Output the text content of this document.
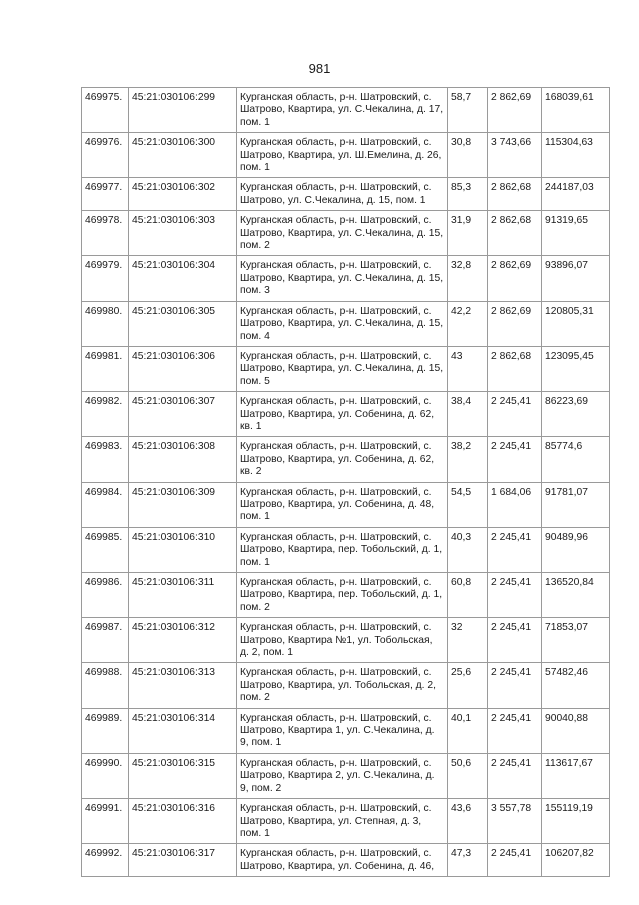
981
469975.	45:21:030106:299	Курганская область, р-н. Шатровский, с. Шатрово, Квартира, ул. С.Чекалина, д. 17, пом. 1	58,7	2 862,69	168039,61
469976.	45:21:030106:300	Курганская область, р-н. Шатровский, с. Шатрово, Квартира, ул. Ш.Емелина, д. 26, пом. 1	30,8	3 743,66	115304,63
469977.	45:21:030106:302	Курганская область, р-н. Шатровский, с. Шатрово, ул. С.Чекалина, д. 15, пом. 1	85,3	2 862,68	244187,03
469978.	45:21:030106:303	Курганская область, р-н. Шатровский, с. Шатрово, Квартира, ул. С.Чекалина, д. 15, пом. 2	31,9	2 862,68	91319,65
469979.	45:21:030106:304	Курганская область, р-н. Шатровский, с. Шатрово, Квартира, ул. С.Чекалина, д. 15, пом. 3	32,8	2 862,69	93896,07
469980.	45:21:030106:305	Курганская область, р-н. Шатровский, с. Шатрово, Квартира, ул. С.Чекалина, д. 15, пом. 4	42,2	2 862,69	120805,31
469981.	45:21:030106:306	Курганская область, р-н. Шатровский, с. Шатрово, Квартира, ул. С.Чекалина, д. 15, пом. 5	43	2 862,68	123095,45
469982.	45:21:030106:307	Курганская область, р-н. Шатровский, с. Шатрово, Квартира, ул. Собенина, д. 62, кв. 1	38,4	2 245,41	86223,69
469983.	45:21:030106:308	Курганская область, р-н. Шатровский, с. Шатрово, Квартира, ул. Собенина, д. 62, кв. 2	38,2	2 245,41	85774,6
469984.	45:21:030106:309	Курганская область, р-н. Шатровский, с. Шатрово, Квартира, ул. Собенина, д. 48, пом. 1	54,5	1 684,06	91781,07
469985.	45:21:030106:310	Курганская область, р-н. Шатровский, с. Шатрово, Квартира, пер. Тобольский, д. 1, пом. 1	40,3	2 245,41	90489,96
469986.	45:21:030106:311	Курганская область, р-н. Шатровский, с. Шатрово, Квартира, пер. Тобольский, д. 1, пом. 2	60,8	2 245,41	136520,84
469987.	45:21:030106:312	Курганская область, р-н. Шатровский, с. Шатрово, Квартира №1, ул. Тобольская, д. 2, пом. 1	32	2 245,41	71853,07
469988.	45:21:030106:313	Курганская область, р-н. Шатровский, с. Шатрово, Квартира, ул. Тобольская, д. 2, пом. 2	25,6	2 245,41	57482,46
469989.	45:21:030106:314	Курганская область, р-н. Шатровский, с. Шатрово, Квартира 1, ул. С.Чекалина, д. 9, пом. 1	40,1	2 245,41	90040,88
469990.	45:21:030106:315	Курганская область, р-н. Шатровский, с. Шатрово, Квартира 2, ул. С.Чекалина, д. 9, пом. 2	50,6	2 245,41	113617,67
469991.	45:21:030106:316	Курганская область, р-н. Шатровский, с. Шатрово, Квартира, ул. Степная, д. 3, пом. 1	43,6	3 557,78	155119,19
469992.	45:21:030106:317	Курганская область, р-н. Шатровский, с. Шатрово, Квартира, ул. Собенина, д. 46,	47,3	2 245,41	106207,82
